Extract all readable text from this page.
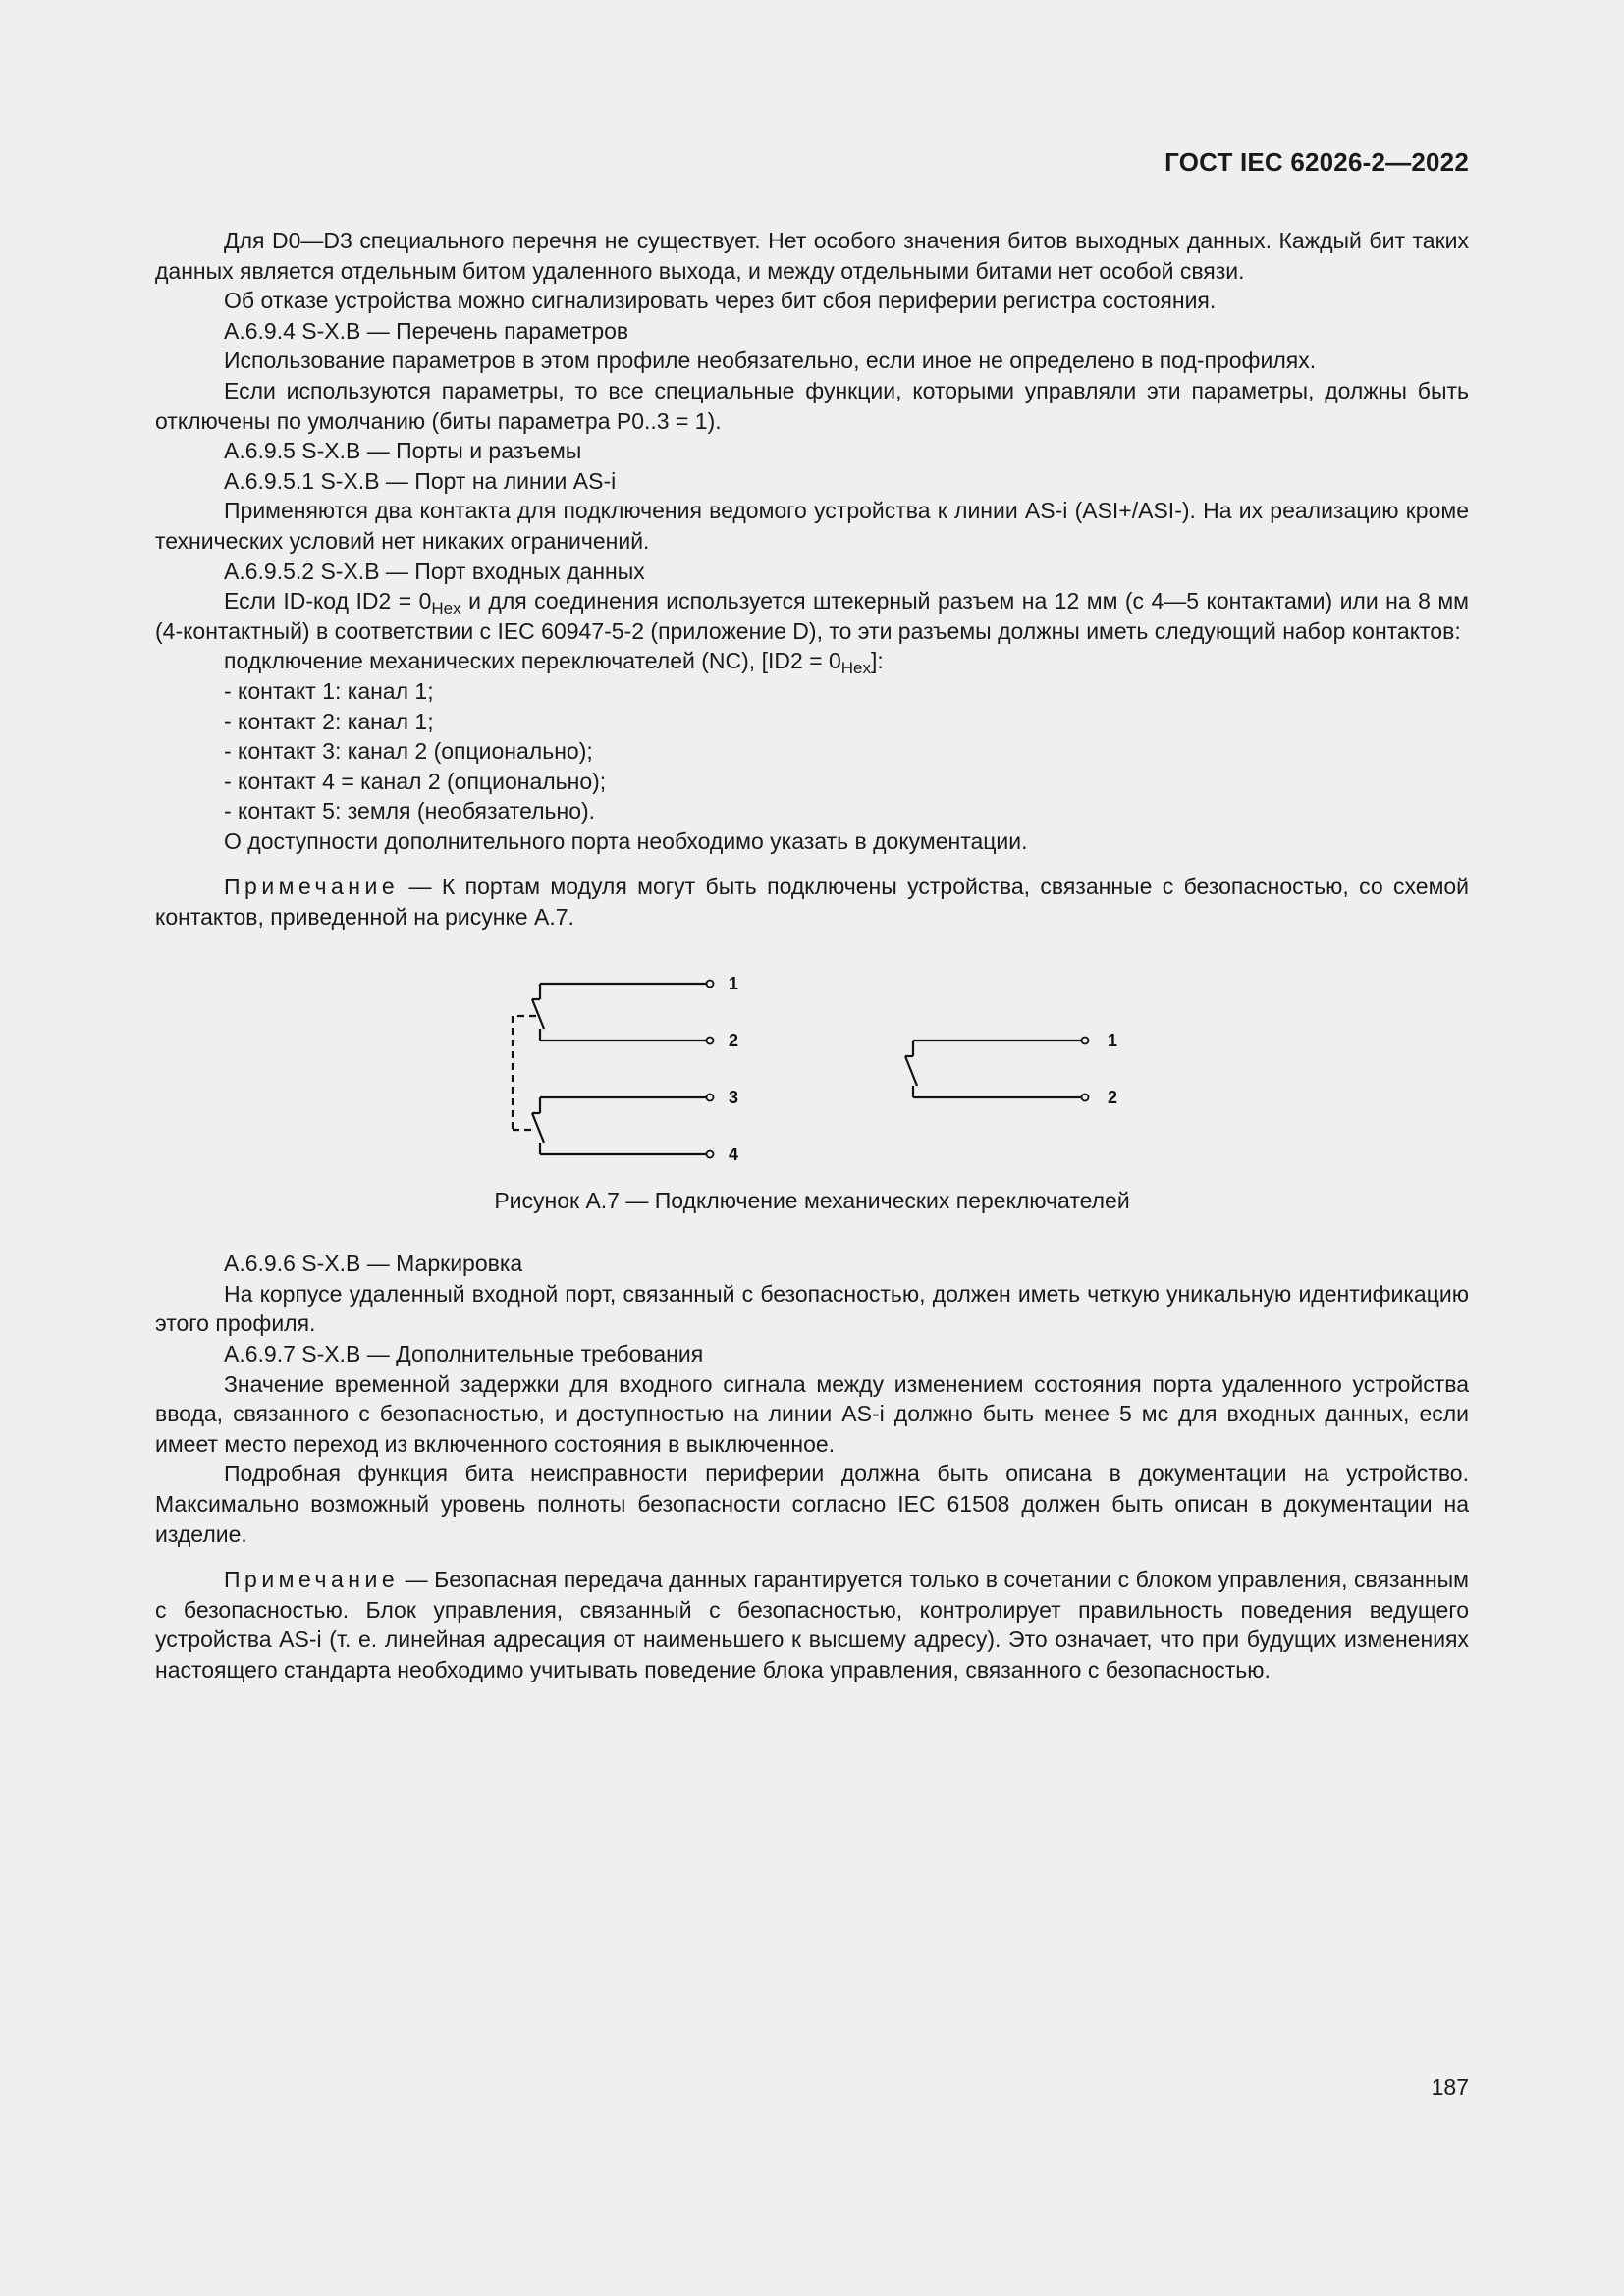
ГОСТ IEC 62026-2—2022

Для D0—D3 специального перечня не существует. Нет особого значения битов выходных данных. Каждый бит таких данных является отдельным битом удаленного выхода, и между отдельными битами нет особой связи.

Об отказе устройства можно сигнализировать через бит сбоя периферии регистра состояния.

А.6.9.4 S-X.B — Перечень параметров

Использование параметров в этом профиле необязательно, если иное не определено в под-профилях.

Если используются параметры, то все специальные функции, которыми управляли эти параметры, должны быть отключены по умолчанию (биты параметра P0..3 = 1).

А.6.9.5 S-X.B — Порты и разъемы

А.6.9.5.1 S-X.B — Порт на линии AS-i

Применяются два контакта для подключения ведомого устройства к линии AS-i (ASI+/ASI-). На их реализацию кроме технических условий нет никаких ограничений.

А.6.9.5.2 S-X.B — Порт входных данных

Если ID-код $ID2 = 0_{Hex}$ и для соединения используется штекерный разъем на 12 мм (с 4—5 контактами) или на 8 мм (4-контактный) в соответствии с IEC 60947-5-2 (приложение D), то эти разъемы должны иметь следующий набор контактов:

подключение механических переключателей (NC), $[ID2 = 0_{Hex}]$:

- контакт 1: канал 1;

- контакт 2: канал 1;

- контакт 3: канал 2 (опционально);

- контакт 4 = канал 2 (опционально);

- контакт 5: земля (необязательно).

О доступности дополнительного порта необходимо указать в документации.

Примечание — К портам модуля могут быть подключены устройства, связанные с безопасностью, со схемой контактов, приведенной на рисунке А.7.

1
2
3
4
1
2

Рисунок А.7 — Подключение механических переключателей

А.6.9.6 S-X.B — Маркировка

На корпусе удаленный входной порт, связанный с безопасностью, должен иметь четкую уникальную идентификацию этого профиля.

А.6.9.7 S-X.B — Дополнительные требования

Значение временной задержки для входного сигнала между изменением состояния порта удаленного устройства ввода, связанного с безопасностью, и доступностью на линии AS-i должно быть менее 5 мс для входных данных, если имеет место переход из включенного состояния в выключенное.

Подробная функция бита неисправности периферии должна быть описана в документации на устройство. Максимально возможный уровень полноты безопасности согласно IEC 61508 должен быть описан в документации на изделие.

Примечание — Безопасная передача данных гарантируется только в сочетании с блоком управления, связанным с безопасностью. Блок управления, связанный с безопасностью, контролирует правильность поведения ведущего устройства AS-i (т. е. линейная адресация от наименьшего к высшему адресу). Это означает, что при будущих изменениях настоящего стандарта необходимо учитывать поведение блока управления, связанного с безопасностью.

187
